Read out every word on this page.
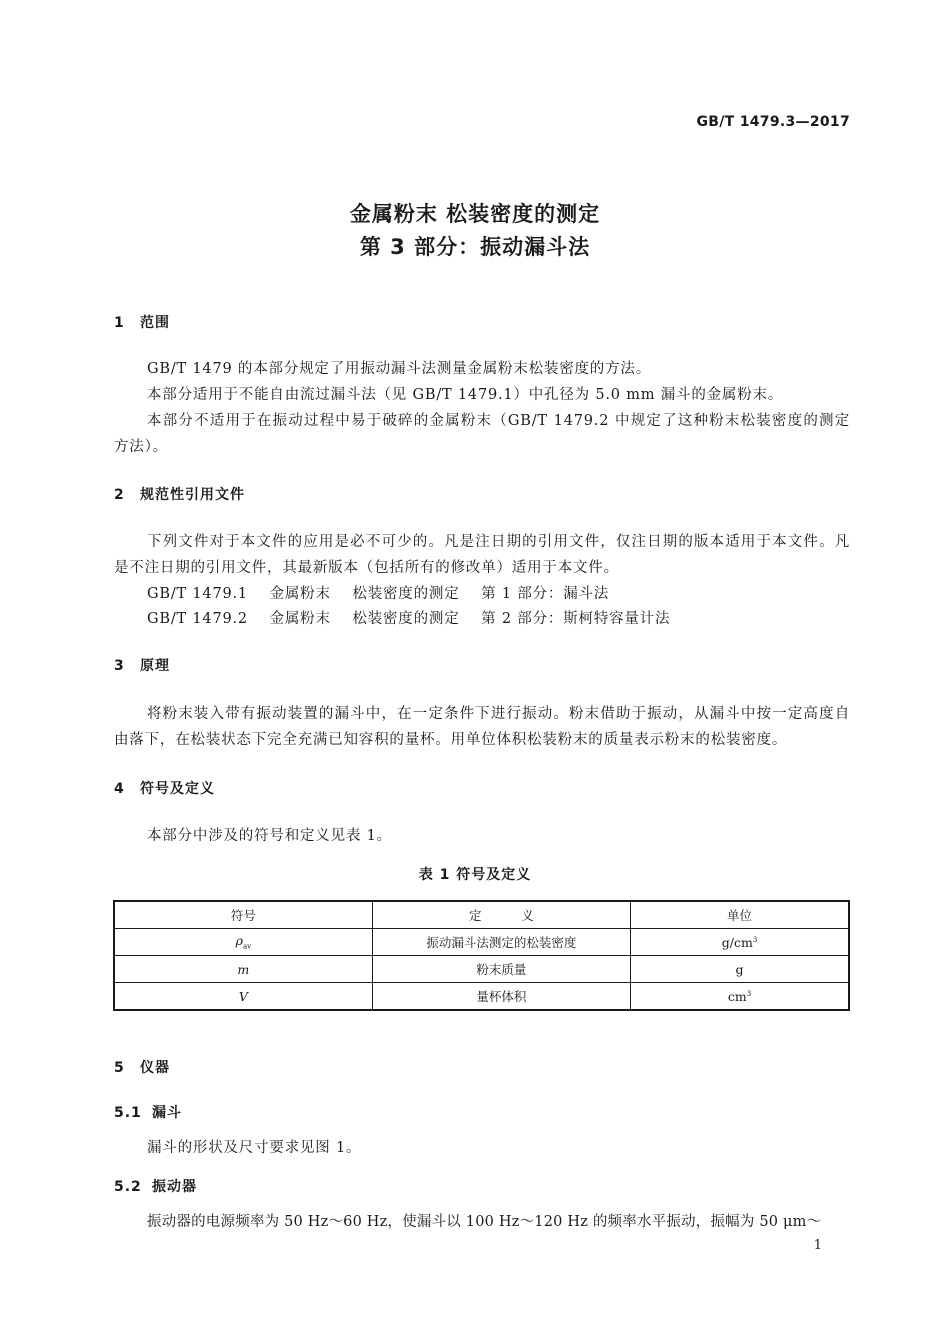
GB/T 1479.3—2017
金属粉末 松装密度的测定
第 3 部分：振动漏斗法
1 范围
GB/T 1479 的本部分规定了用振动漏斗法测量金属粉末松装密度的方法。
本部分适用于不能自由流过漏斗法（见 GB/T 1479.1）中孔径为 5.0 mm 漏斗的金属粉末。
本部分不适用于在振动过程中易于破碎的金属粉末（GB/T 1479.2 中规定了这种粉末松装密度的测定方法）。
2 规范性引用文件
下列文件对于本文件的应用是必不可少的。凡是注日期的引用文件，仅注日期的版本适用于本文件。凡是不注日期的引用文件，其最新版本（包括所有的修改单）适用于本文件。
GB/T 1479.1    金属粉末    松装密度的测定    第 1 部分：漏斗法
GB/T 1479.2    金属粉末    松装密度的测定    第 2 部分：斯柯特容量计法
3 原理
将粉末装入带有振动装置的漏斗中，在一定条件下进行振动。粉末借助于振动，从漏斗中按一定高度自由落下，在松装状态下完全充满已知容积的量杯。用单位体积松装粉末的质量表示粉末的松装密度。
4 符号及定义
本部分中涉及的符号和定义见表 1。
表 1 符号及定义
符号	定          义	单位
$\rho_{av}$	振动漏斗法测定的松装密度	$g/cm^3$
m	粉末质量	g
V	量杯体积	$cm^3$
5 仪器
5.1 漏斗
漏斗的形状及尺寸要求见图 1。
5.2 振动器
振动器的电源频率为 50 Hz～60 Hz，使漏斗以 100 Hz～120 Hz 的频率水平振动，振幅为 50 μm～
1
